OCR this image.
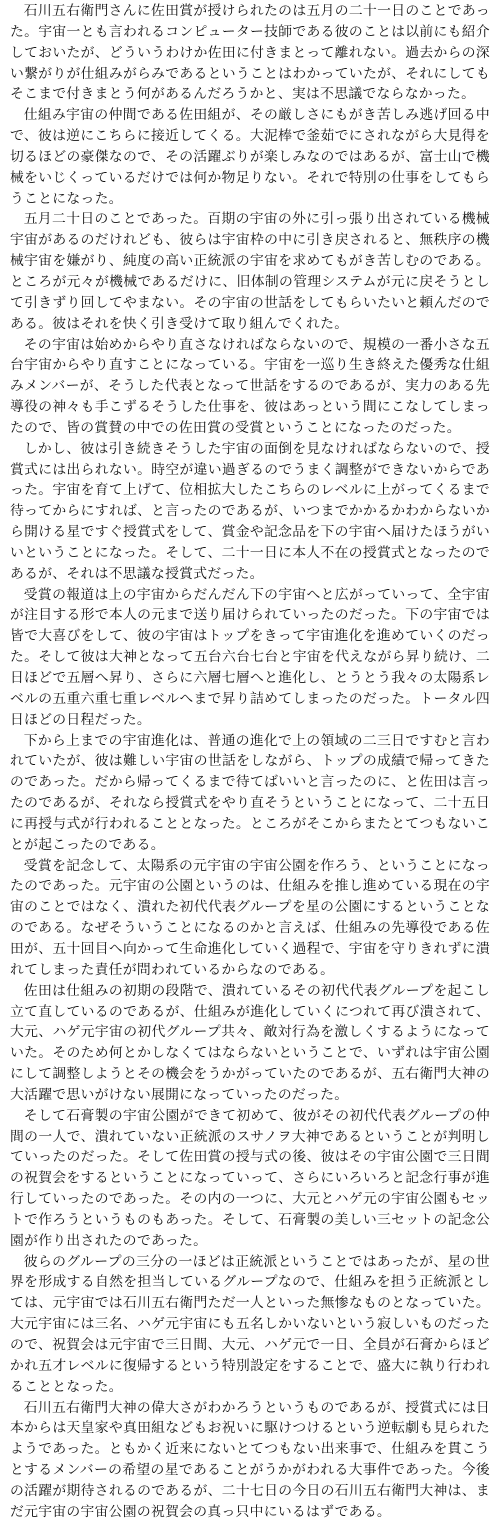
石川五右衛門さんに佐田賞が授けられたのは五月の二十一日のことであった。宇宙一とも言われるコンピューター技師である彼のことは以前にも紹介しておいたが、どういうわけか佐田に付きまとって離れない。過去からの深い繋がりが仕組みがらみであるということはわかっていたが、それにしてもそこまで付きまとう何があるんだろうかと、実は不思議でならなかった。

仕組み宇宙の仲間である佐田組が、その厳しさにもがき苦しみ逃げ回る中で、彼は逆にこちらに接近してくる。大泥棒で釜茹でにされながら大見得を切るほどの豪傑なので、その活躍ぶりが楽しみなのではあるが、富士山で機械をいじくっているだけでは何か物足りない。それで特別の仕事をしてもらうことになった。

五月二十日のことであった。百期の宇宙の外に引っ張り出されている機械宇宙があるのだけれども、彼らは宇宙枠の中に引き戻されると、無秩序の機械宇宙を嫌がり、純度の高い正統派の宇宙を求めてもがき苦しむのである。ところが元々が機械であるだけに、旧体制の管理システムが元に戻そうとして引きずり回してやまない。その宇宙の世話をしてもらいたいと頼んだのである。彼はそれを快く引き受けて取り組んでくれた。

その宇宙は始めからやり直さなければならないので、規模の一番小さな五台宇宙からやり直すことになっている。宇宙を一巡り生き終えた優秀な仕組みメンバーが、そうした代表となって世話をするのであるが、実力のある先導役の神々も手こずるそうした仕事を、彼はあっという間にこなしてしまったので、皆の賞賛の中での佐田賞の受賞ということになったのだった。

しかし、彼は引き続きそうした宇宙の面倒を見なければならないので、授賞式には出られない。時空が違い過ぎるのでうまく調整ができないからであった。宇宙を育て上げて、位相拡大したこちらのレベルに上がってくるまで待ってからにすれば、と言ったのであるが、いつまでかかるかわからないから開ける星ですぐ授賞式をして、賞金や記念品を下の宇宙へ届けたほうがいいということになった。そして、二十一日に本人不在の授賞式となったのであるが、それは不思議な授賞式だった。

受賞の報道は上の宇宙からだんだん下の宇宙へと広がっていって、全宇宙が注目する形で本人の元まで送り届けられていったのだった。下の宇宙では皆で大喜びをして、彼の宇宙はトップをきって宇宙進化を進めていくのだった。そして彼は大神となって五台六台七台と宇宙を代えながら昇り続け、二日ほどで五層へ昇り、さらに六層七層へと進化し、とうとう我々の太陽系レベルの五重六重七重レベルへまで昇り詰めてしまったのだった。トータル四日ほどの日程だった。

下から上までの宇宙進化は、普通の進化で上の領域の二三日ですむと言われていたが、彼は難しい宇宙の世話をしながら、トップの成績で帰ってきたのであった。だから帰ってくるまで待てばいいと言ったのに、と佐田は言ったのであるが、それなら授賞式をやり直そうということになって、二十五日に再授与式が行われることとなった。ところがそこからまたとてつもないことが起こったのである。

受賞を記念して、太陽系の元宇宙の宇宙公園を作ろう、ということになったのであった。元宇宙の公園というのは、仕組みを推し進めている現在の宇宙のことではなく、潰れた初代代表グループを星の公園にするということなのである。なぜそういうことになるのかと言えば、仕組みの先導役である佐田が、五十回目へ向かって生命進化していく過程で、宇宙を守りきれずに潰れてしまった責任が問われているからなのである。

佐田は仕組みの初期の段階で、潰れているその初代代表グループを起こし立て直しているのであるが、仕組みが進化していくにつれて再び潰されて、大元、ハゲ元宇宙の初代グループ共々、敵対行為を激しくするようになっていた。そのため何とかしなくてはならないということで、いずれは宇宙公園にして調整しようとその機会をうかがっていたのであるが、五右衛門大神の大活躍で思いがけない展開になっていったのだった。

そして石膏製の宇宙公園ができて初めて、彼がその初代代表グループの仲間の一人で、潰れていない正統派のスサノヲ大神であるということが判明していったのだった。そして佐田賞の授与式の後、彼はその宇宙公園で三日間の祝賀会をするということになっていって、さらにいろいろと記念行事が進行していったのであった。その内の一つに、大元とハゲ元の宇宙公園もセットで作ろうというものもあった。そして、石膏製の美しい三セットの記念公園が作り出されたのであった。

彼らのグループの三分の一ほどは正統派ということではあったが、星の世界を形成する自然を担当しているグループなので、仕組みを担う正統派としては、元宇宙では石川五右衛門ただ一人といった無惨なものとなっていた。大元宇宙には三名、ハゲ元宇宙にも五名しかいないという寂しいものだったので、祝賀会は元宇宙で三日間、大元、ハゲ元で一日、全員が石膏からほどかれ五才レベルに復帰するという特別設定をすることで、盛大に執り行われることとなった。

石川五右衛門大神の偉大さがわかろうというものであるが、授賞式には日本からは天皇家や真田組などもお祝いに駆けつけるという逆転劇も見られたようであった。ともかく近来にないとてつもない出来事で、仕組みを貫こうとするメンバーの希望の星であることがうかがわれる大事件であった。今後の活躍が期待されるのであるが、二十七日の今日の石川五右衛門大神は、まだ元宇宙の宇宙公園の祝賀会の真っ只中にいるはずである。
